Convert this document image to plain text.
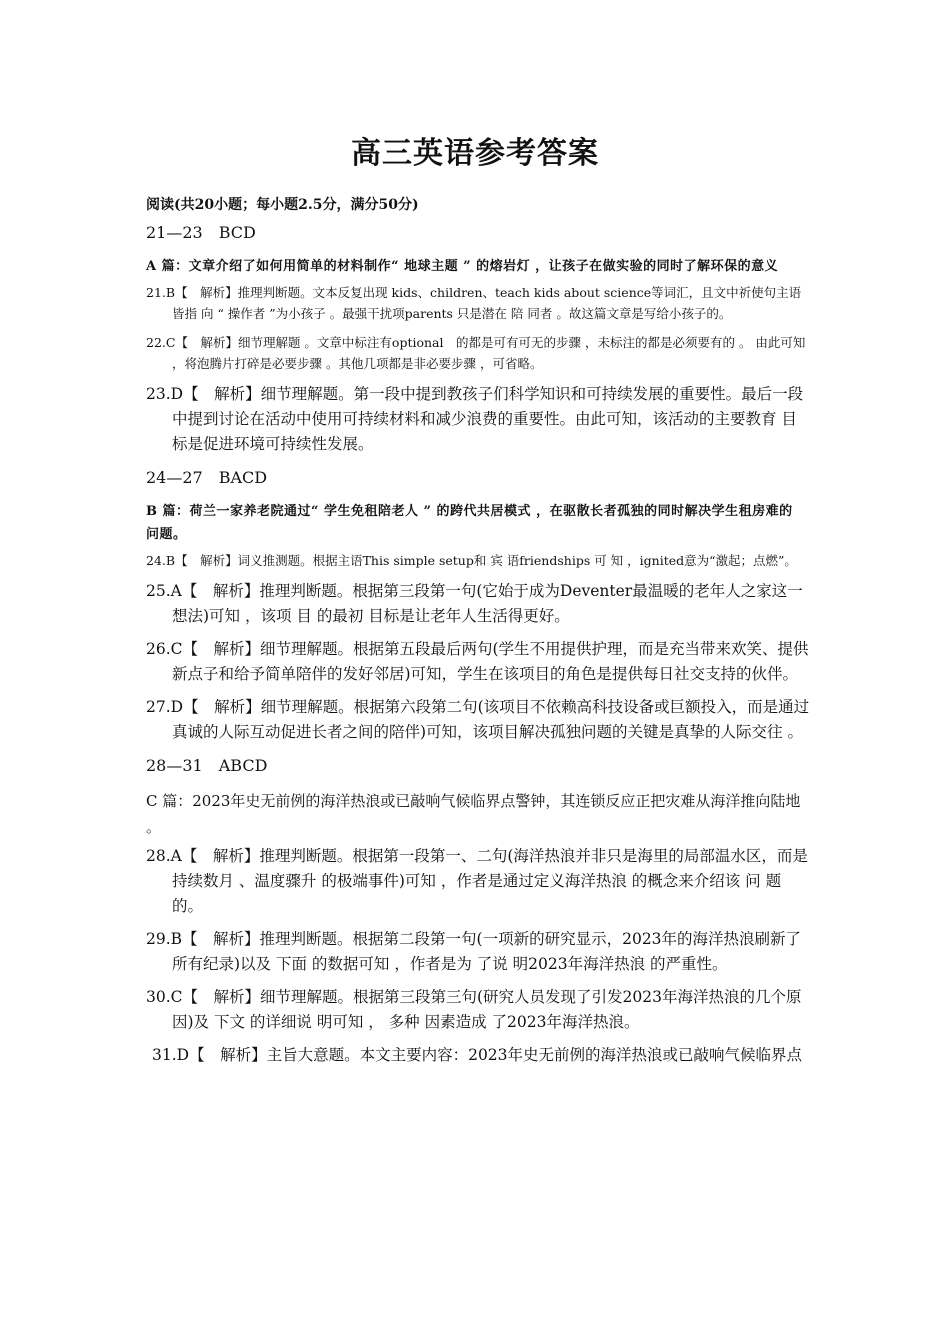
高三英语参考答案
阅读(共20小题；每小题2.5分，满分50分)
21—23　BCD
A 篇：文章介绍了如何用简单的材料制作“ 地球主题 ” 的熔岩灯 ，让孩子在做实验的同时了解环保的意义
21.B【　解析】推理判断题。文本反复出现 kids、children、teach kids about science等词汇，且文中祈使句主语 皆指 向 “ 操作者 ”为小孩子 。最强干扰项parents 只是潜在 陪 同者 。故这篇文章是写给小孩子的。
22.C【　解析】细节理解题 。文章中标注有optional　的都是可有可无的步骤 ，未标注的都是必须要有的 。 由此可知 ，将泡腾片打碎是必要步骤 。其他几项都是非必要步骤 ，可省略。
23.D【　解析】细节理解题。第一段中提到教孩子们科学知识和可持续发展的重要性。最后一段中提到讨论在活动中使用可持续材料和减少浪费的重要性。由此可知，该活动的主要教育 目标是促进环境可持续性发展。
24—27　BACD
B 篇：荷兰一家养老院通过“ 学生免租陪老人 ” 的跨代共居模式 ，在驱散长者孤独的同时解决学生租房难的 问题。
24.B【　解析】词义推测题。根据主语This simple setup和 宾 语friendships 可 知 ，ignited意为“激起；点燃”。
25.A【　解析】推理判断题。根据第三段第一句(它始于成为Deventer最温暖的老年人之家这一想法)可知 ，该项 目 的最初 目标是让老年人生活得更好。
26.C【　解析】细节理解题。根据第五段最后两句(学生不用提供护理，而是充当带来欢笑、提供新点子和给予简单陪伴的发好邻居)可知，学生在该项目的角色是提供每日社交支持的伙伴。
27.D【　解析】细节理解题。根据第六段第二句(该项目不依赖高科技设备或巨额投入，而是通过真诚的人际互动促进长者之间的陪伴)可知，该项目解决孤独问题的关键是真挚的人际交往 。
28—31　ABCD
C 篇：2023年史无前例的海洋热浪或已敲响气候临界点警钟，其连锁反应正把灾难从海洋推向陆地 。
28.A【　解析】推理判断题。根据第一段第一、二句(海洋热浪并非只是海里的局部温水区，而是持续数月 、温度骤升 的极端事件)可知 ，作者是通过定义海洋热浪 的概念来介绍该 问 题 的。
29.B【　解析】推理判断题。根据第二段第一句(一项新的研究显示，2023年的海洋热浪刷新了所有纪录)以及 下面 的数据可知 ，作者是为 了说 明2023年海洋热浪 的严重性。
30.C【　解析】细节理解题。根据第三段第三句(研究人员发现了引发2023年海洋热浪的几个原 因)及 下文 的详细说 明可知 ， 多种 因素造成 了2023年海洋热浪。
31.D【　解析】主旨大意题。本文主要内容：2023年史无前例的海洋热浪或已敲响气候临界点
